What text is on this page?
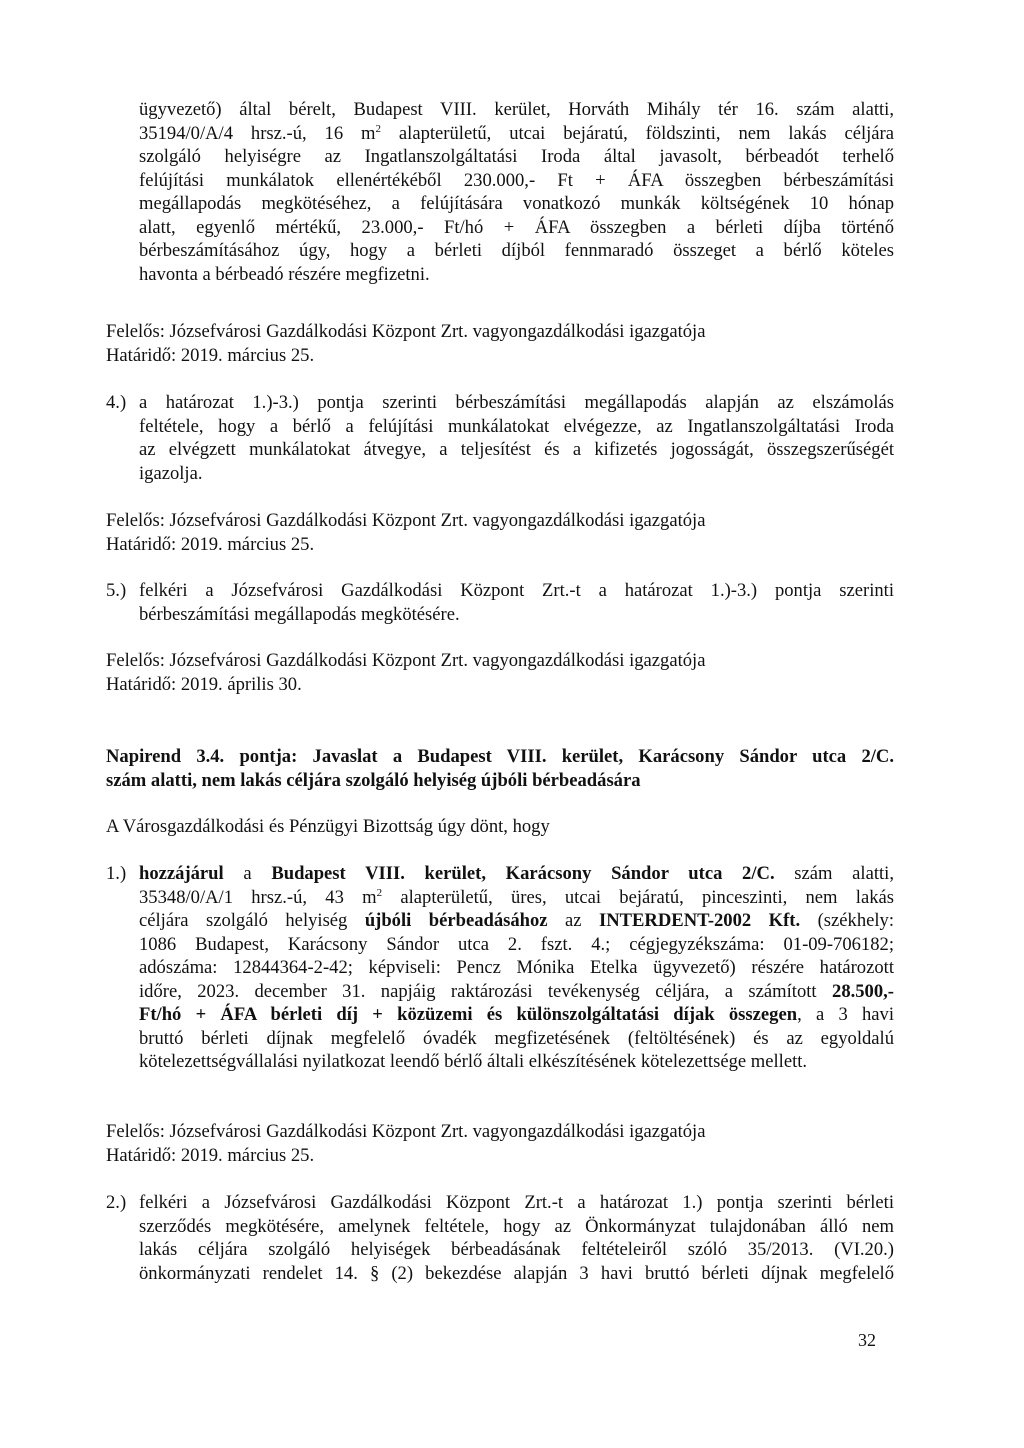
ügyvezető) által bérelt, Budapest VIII. kerület, Horváth Mihály tér 16. szám alatti,
35194/0/A/4 hrsz.-ú, 16 $m^2$ alapterületű, utcai bejáratú, földszinti, nem lakás céljára
szolgáló helyiségre az Ingatlanszolgáltatási Iroda által javasolt, bérbeadót terhelő
felújítási munkálatok ellenértékéből 230.000,- Ft + ÁFA összegben bérbeszámítási
megállapodás megkötéséhez, a felújítására vonatkozó munkák költségének 10 hónap
alatt, egyenlő mértékű, 23.000,- Ft/hó + ÁFA összegben a bérleti díjba történő
bérbeszámításához úgy, hogy a bérleti díjból fennmaradó összeget a bérlő köteles
havonta a bérbeadó részére megfizetni.
Felelős: Józsefvárosi Gazdálkodási Központ Zrt. vagyongazdálkodási igazgatója
Határidő: 2019. március 25.
4.) a határozat 1.)-3.) pontja szerinti bérbeszámítási megállapodás alapján az elszámolás
feltétele, hogy a bérlő a felújítási munkálatokat elvégezze, az Ingatlanszolgáltatási Iroda
az elvégzett munkálatokat átvegye, a teljesítést és a kifizetés jogosságát, összegszerűségét
igazolja.
Felelős: Józsefvárosi Gazdálkodási Központ Zrt. vagyongazdálkodási igazgatója
Határidő: 2019. március 25.
5.) felkéri a Józsefvárosi Gazdálkodási Központ Zrt.-t a határozat 1.)-3.) pontja szerinti
bérbeszámítási megállapodás megkötésére.
Felelős: Józsefvárosi Gazdálkodási Központ Zrt. vagyongazdálkodási igazgatója
Határidő: 2019. április 30.
Napirend 3.4. pontja: Javaslat a Budapest VIII. kerület, Karácsony Sándor utca 2/C.
szám alatti, nem lakás céljára szolgáló helyiség újbóli bérbeadására
A Városgazdálkodási és Pénzügyi Bizottság úgy dönt, hogy
1.) hozzájárul a Budapest VIII. kerület, Karácsony Sándor utca 2/C. szám alatti,
35348/0/A/1 hrsz.-ú, 43 $m^2$ alapterületű, üres, utcai bejáratú, pinceszinti, nem lakás
céljára szolgáló helyiség újbóli bérbeadásához az INTERDENT-2002 Kft. (székhely:
1086 Budapest, Karácsony Sándor utca 2. fszt. 4.; cégjegyzékszáma: 01-09-706182;
adószáma: 12844364-2-42; képviseli: Pencz Mónika Etelka ügyvezető) részére határozott
időre, 2023. december 31. napjáig raktározási tevékenység céljára, a számított 28.500,-
Ft/hó + ÁFA bérleti díj + közüzemi és különszolgáltatási díjak összegen, a 3 havi
bruttó bérleti díjnak megfelelő óvadék megfizetésének (feltöltésének) és az egyoldalú
kötelezettségvállalási nyilatkozat leendő bérlő általi elkészítésének kötelezettsége mellett.
Felelős: Józsefvárosi Gazdálkodási Központ Zrt. vagyongazdálkodási igazgatója
Határidő: 2019. március 25.
2.) felkéri a Józsefvárosi Gazdálkodási Központ Zrt.-t a határozat 1.) pontja szerinti bérleti
szerződés megkötésére, amelynek feltétele, hogy az Önkormányzat tulajdonában álló nem
lakás céljára szolgáló helyiségek bérbeadásának feltételeiről szóló 35/2013. (VI.20.)
önkormányzati rendelet 14. § (2) bekezdése alapján 3 havi bruttó bérleti díjnak megfelelő
32
